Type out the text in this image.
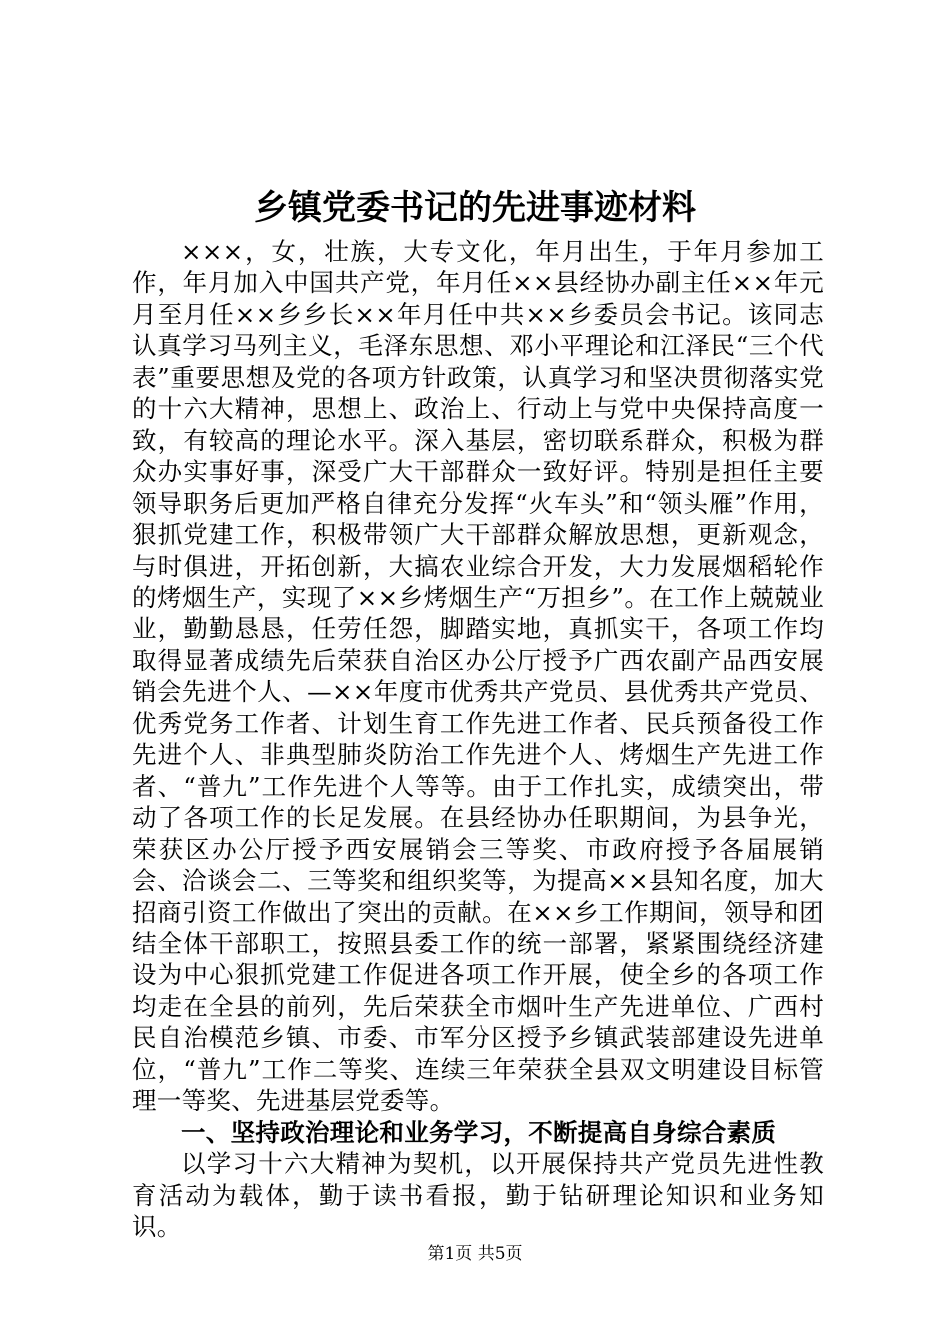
乡镇党委书记的先进事迹材料

×××，女，壮族，大专文化，年月出生，于年月参加工作，年月加入中国共产党，年月任××县经协办副主任××年元月至月任××乡乡长××年月任中共××乡委员会书记。该同志认真学习马列主义，毛泽东思想、邓小平理论和江泽民“三个代表”重要思想及党的各项方针政策，认真学习和坚决贯彻落实党的十六大精神，思想上、政治上、行动上与党中央保持高度一致，有较高的理论水平。深入基层，密切联系群众，积极为群众办实事好事，深受广大干部群众一致好评。特别是担任主要领导职务后更加严格自律充分发挥“火车头”和“领头雁”作用，狠抓党建工作，积极带领广大干部群众解放思想，更新观念，与时俱进，开拓创新，大搞农业综合开发，大力发展烟稻轮作的烤烟生产，实现了××乡烤烟生产“万担乡”。在工作上兢兢业业，勤勤恳恳，任劳任怨，脚踏实地，真抓实干，各项工作均取得显著成绩先后荣获自治区办公厅授予广西农副产品西安展销会先进个人、—××年度市优秀共产党员、县优秀共产党员、优秀党务工作者、计划生育工作先进工作者、民兵预备役工作先进个人、非典型肺炎防治工作先进个人、烤烟生产先进工作者、“普九”工作先进个人等等。由于工作扎实，成绩突出，带动了各项工作的长足发展。在县经协办任职期间，为县争光，荣获区办公厅授予西安展销会三等奖、市政府授予各届展销会、洽谈会二、三等奖和组织奖等，为提高××县知名度，加大招商引资工作做出了突出的贡献。在××乡工作期间，领导和团结全体干部职工，按照县委工作的统一部署，紧紧围绕经济建设为中心狠抓党建工作促进各项工作开展，使全乡的各项工作均走在全县的前列，先后荣获全市烟叶生产先进单位、广西村民自治模范乡镇、市委、市军分区授予乡镇武装部建设先进单位，“普九”工作二等奖、连续三年荣获全县双文明建设目标管理一等奖、先进基层党委等。

一、坚持政治理论和业务学习，不断提高自身综合素质

以学习十六大精神为契机，以开展保持共产党员先进性教育活动为载体，勤于读书看报，勤于钻研理论知识和业务知识。

第1页 共5页
